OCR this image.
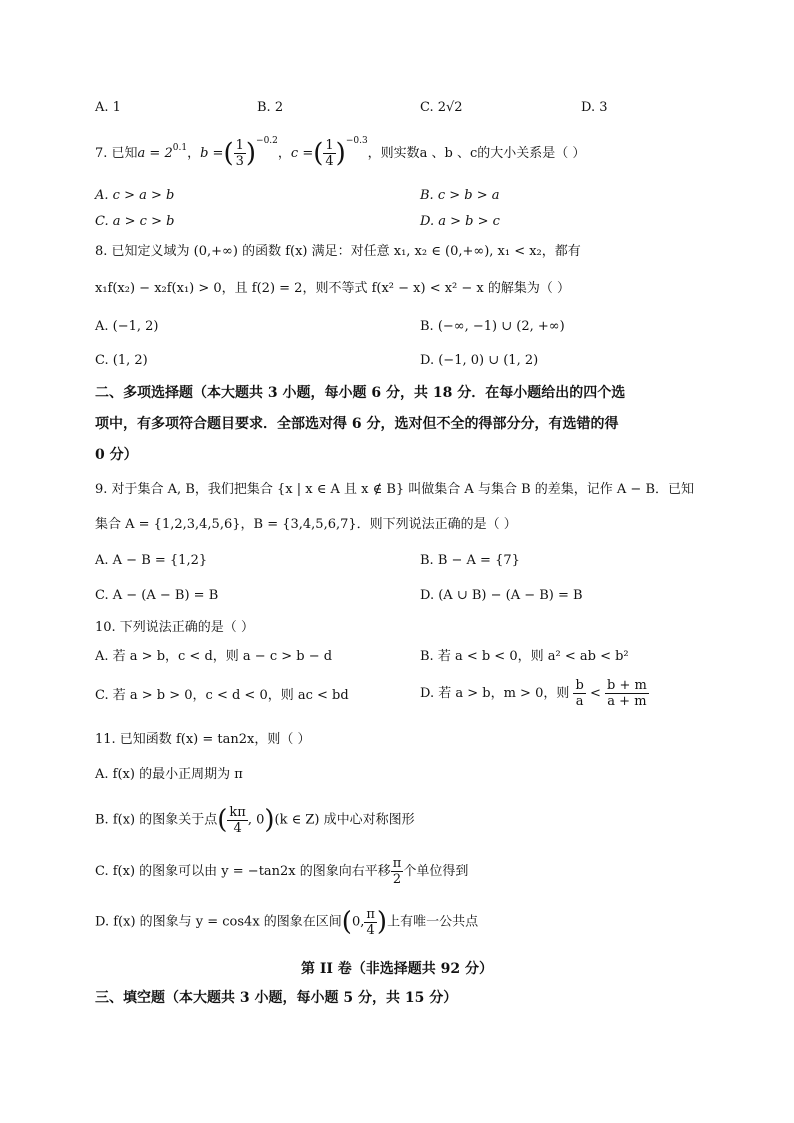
A. 1	B. 2	C. 2√2	D. 3
7. 已知$a = 2^{0.1}$，b =( $\frac{1}{3} )^{-0.2}$，c =( $\frac{1}{4} )^{-0.3}$，则实数a 、b 、c的大小关系是（ ）
A. c > a > b	B. c > b > a
C. a > c > b	D. a > b > c
8. 已知定义域为 (0,+∞) 的函数 f(x) 满足：对任意 x₁, x₂ ∈ (0,+∞), x₁ < x₂，都有
x₁f(x₂) − x₂f(x₁) > 0，且 f(2) = 2，则不等式 f(x² − x) < x² − x 的解集为（ ）
A. (−1, 2)	B. (−∞, −1) ∪ (2, +∞)
C. (1, 2)	D. (−1, 0) ∪ (1, 2)
二、多项选择题（本大题共 3 小题，每小题 6 分，共 18 分．在每小题给出的四个选
项中，有多项符合题目要求．全部选对得 6 分，选对但不全的得部分分，有选错的得
0 分）
9. 对于集合 A, B，我们把集合 {x | x ∈ A 且 x ∉ B} 叫做集合 A 与集合 B 的差集，记作 A − B．已知
集合 A = {1,2,3,4,5,6}，B = {3,4,5,6,7}．则下列说法正确的是（ ）
A. A − B = {1,2}	B. B − A = {7}
C. A − (A − B) = B	D. (A ∪ B) − (A − B) = B
10. 下列说法正确的是（ ）
A. 若 a > b，c < d，则 a − c > b − d	B. 若 a < b < 0，则 a² < ab < b²
C. 若 a > b > 0，c < d < 0，则 ac < bd	D. 若 a > b，m > 0，则 $\frac{b}{a} < \frac{b + m}{a + m}$
11. 已知函数 f(x) = tan2x，则（ ）
A. f(x) 的最小正周期为 π
B. f(x) 的图象关于点( $\frac{k\pi}{4}$ , 0)(k ∈ Z) 成中心对称图形
C. f(x) 的图象可以由 y = −tan2x 的图象向右平移 $\frac{\pi}{2}$ 个单位得到
D. f(x) 的图象与 y = cos4x 的图象在区间(0, $\frac{\pi}{4}$ )上有唯一公共点
第 II 卷（非选择题共 92 分）
三、填空题（本大题共 3 小题，每小题 5 分，共 15 分）
